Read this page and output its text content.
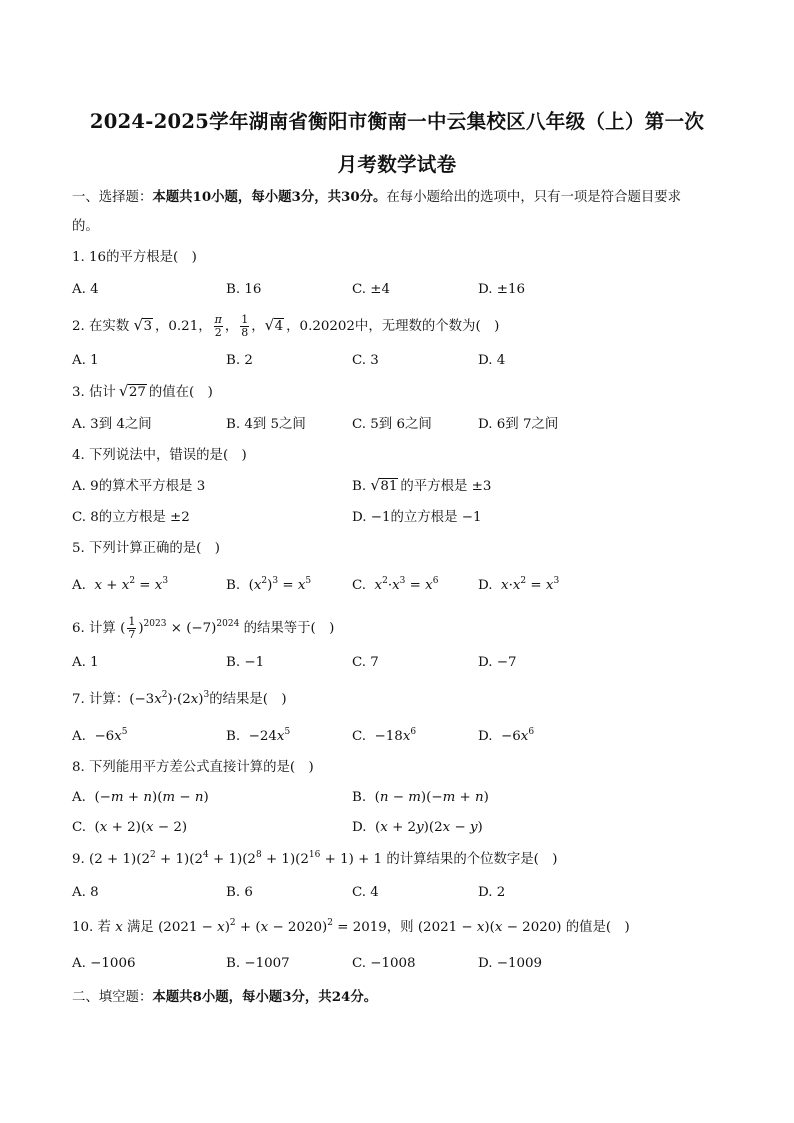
2024-2025学年湖南省衡阳市衡南一中云集校区八年级（上）第一次
月考数学试卷
一、选择题：本题共10小题，每小题3分，共30分。在每小题给出的选项中，只有一项是符合题目要求
的。
1. 16的平方根是(　)
A. 4	B. 16	C. ±4	D. ±16
2. 在实数 √ 3 ，0.21， $\frac{\pi}{2}$ ， $\frac{1}{8}$ ， √ 4 ，0.20202中，无理数的个数为(　)
A. 1	B. 2	C. 3	D. 4
3. 估计 √ 27 的值在(　)
A. 3到 4之间	B. 4到 5之间	C. 5到 6之间	D. 6到 7之间
4. 下列说法中，错误的是(　)
A. 9的算术平方根是 3	B. √ 81 的平方根是 ±3
C. 8的立方根是 ±2	D. −1的立方根是 −1
5. 下列计算正确的是(　)
A. $x + x^2 = x^3$	B.  $(x^2)^3 = x^5$	C. $x^2\cdot x^3 = x^6$	D. $x\cdot x^2 = x^3$
6. 计算 ( $\frac{1}{7} )^{2023} \times (-7)^{2024}$ 的结果等于(　)
A. 1	B. −1	C. 7	D. −7
7. 计算：$(-3x^2)\cdot(2x)^3$的结果是(　)
A.  $-6x^5$	B.  $-24x^5$	C.  $-18x^6$	D.  $-6x^6$
8. 下列能用平方差公式直接计算的是(　)
A.  (−m + n)(m − n)	B.  (n − m)(−m + n)
C.  (x + 2)(x − 2)	D.  (x + 2y)(2x − y)
9. $(2 + 1)(2^2 + 1)(2^4 + 1)(2^8 + 1)(2^{16} + 1) + 1$ 的计算结果的个位数字是(　)
A. 8	B. 6	C. 4	D. 2
10. 若 x 满足 $(2021 - x)^2 + (x - 2020)^2 = 2019$，则 (2021 − x)(x − 2020) 的值是(　)
A. −1006	B. −1007	C. −1008	D. −1009
二、填空题：本题共8小题，每小题3分，共24分。
